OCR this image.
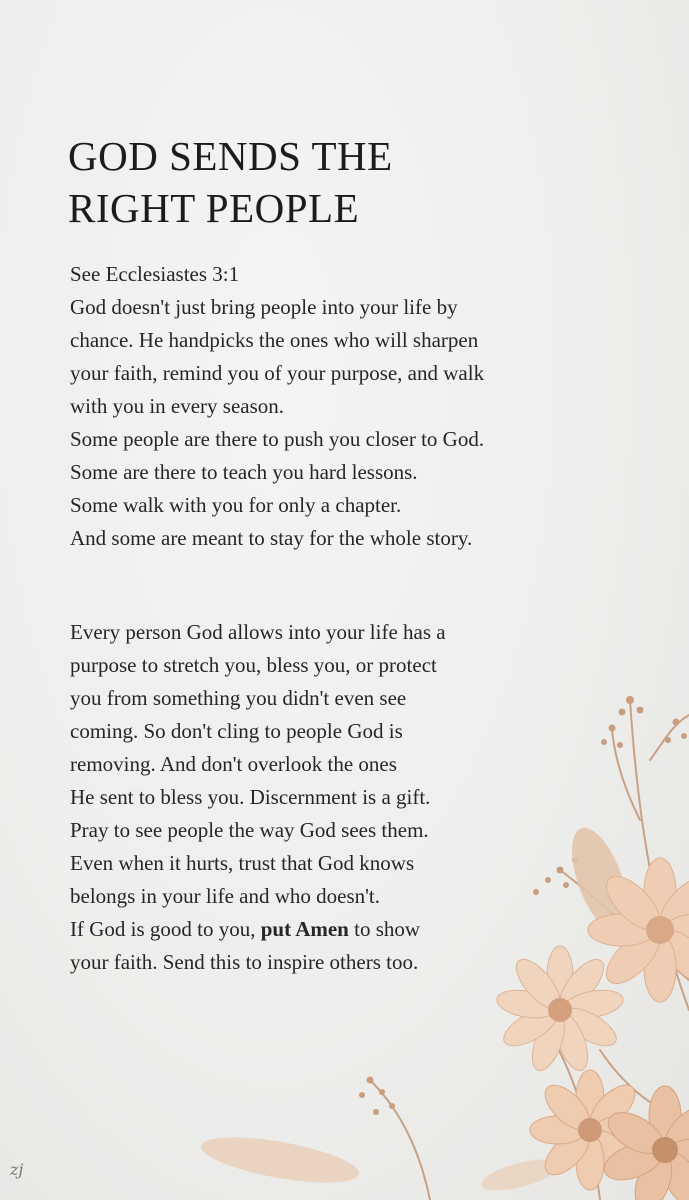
GOD SENDS THE
RIGHT PEOPLE

See Ecclesiastes 3:1

God doesn't just bring people into your life by

chance. He handpicks the ones who will sharpen

your faith, remind you of your purpose, and walk

with you in every season.

Some people are there to push you closer to God.

Some are there to teach you hard lessons.

Some walk with you for only a chapter.

And some are meant to stay for the whole story.

Every person God allows into your life has a

purpose to stretch you, bless you, or protect

you from something you didn't even see

coming. So don't cling to people God is

removing. And don't overlook the ones

He sent to bless you. Discernment is a gift.

Pray to see people the way God sees them.

Even when it hurts, trust that God knows

belongs in your life and who doesn't.

If God is good to you, put Amen to show

your faith. Send this to inspire others too.

zj
